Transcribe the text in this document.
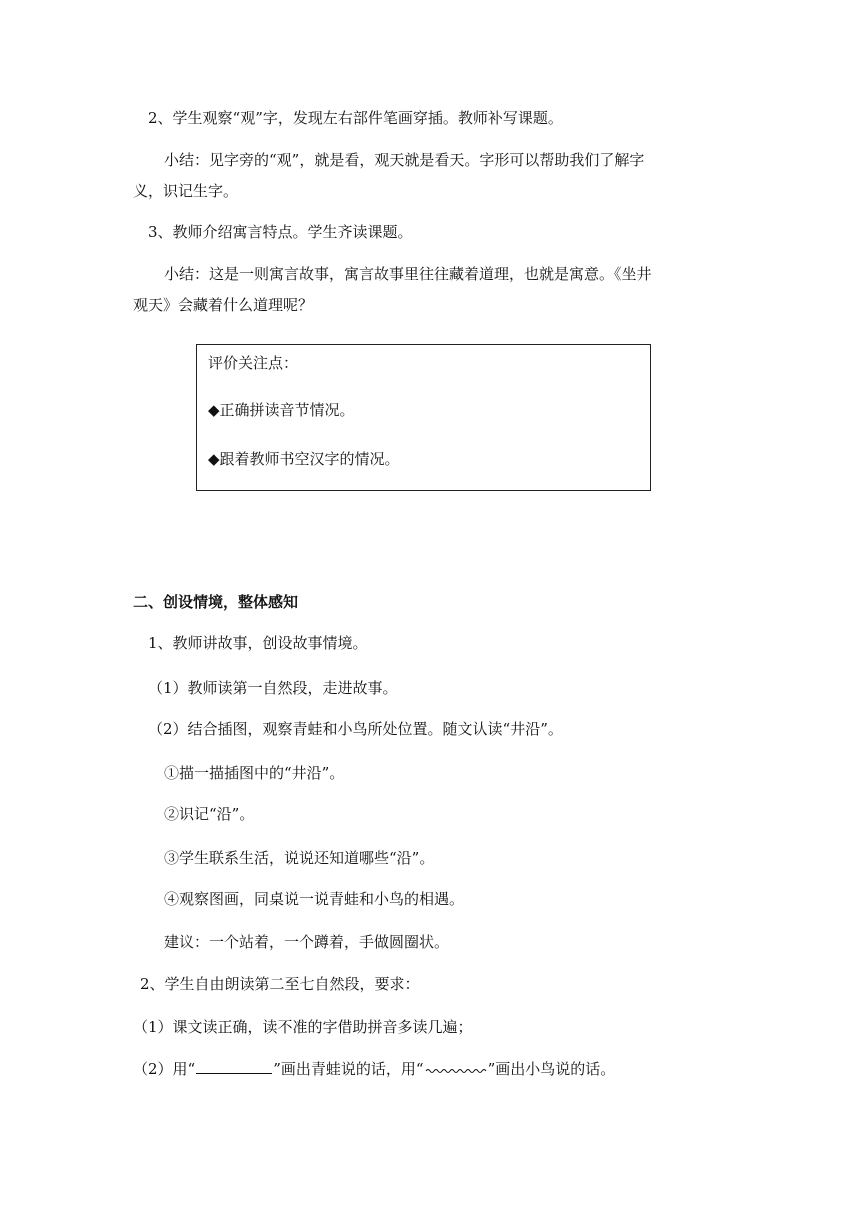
2、学生观察“观”字，发现左右部件笔画穿插。教师补写课题。
小结：见字旁的“观”，就是看，观天就是看天。字形可以帮助我们了解字
义，识记生字。
3、教师介绍寓言特点。学生齐读课题。
小结：这是一则寓言故事，寓言故事里往往藏着道理，也就是寓意。《坐井
观天》会藏着什么道理呢？
评价关注点：
◆正确拼读音节情况。
◆跟着教师书空汉字的情况。
二、创设情境，整体感知
1、教师讲故事，创设故事情境。
（1）教师读第一自然段，走进故事。
（2）结合插图，观察青蛙和小鸟所处位置。随文认读“井沿”。
①描一描插图中的“井沿”。
②识记“沿”。
③学生联系生活，说说还知道哪些“沿”。
④观察图画，同桌说一说青蛙和小鸟的相遇。
建议：一个站着，一个蹲着，手做圆圈状。
2、学生自由朗读第二至七自然段，要求：
（1）课文读正确，读不准的字借助拼音多读几遍；
（2）用“	”画出青蛙说的话，用“	”画出小鸟说的话。
